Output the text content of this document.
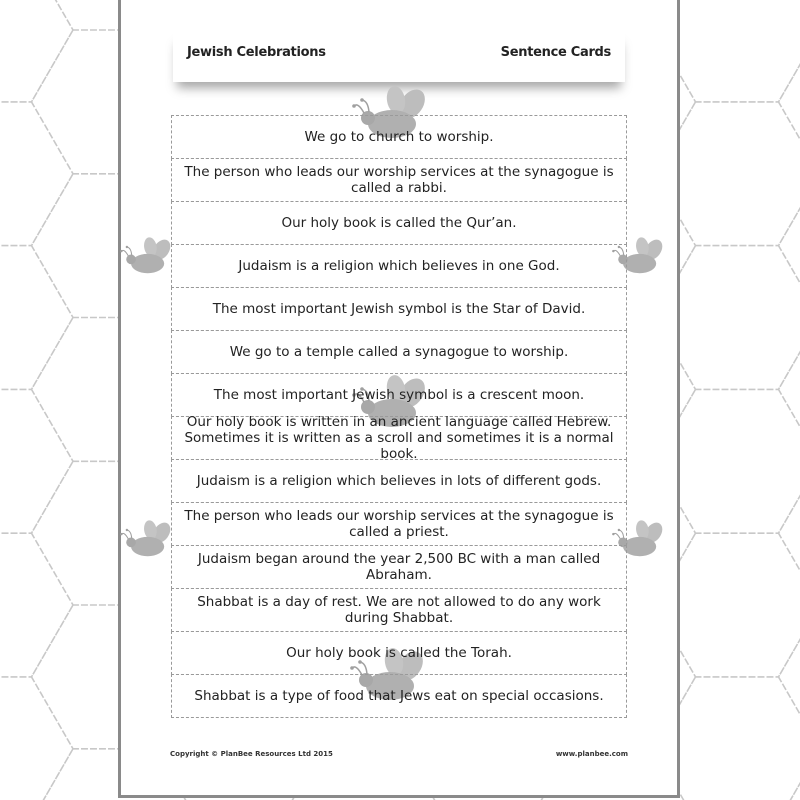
Jewish Celebrations	Sentence Cards
We go to church to worship.
The person who leads our worship services at the synagogue is called a rabbi.
Our holy book is called the Qur’an.
Judaism is a religion which believes in one God.
The most important Jewish symbol is the Star of David.
We go to a temple called a synagogue to worship.
The most important Jewish symbol is a crescent moon.
Our holy book is written in an ancient language called Hebrew. Sometimes it is written as a scroll and sometimes it is a normal book.
Judaism is a religion which believes in lots of different gods.
The person who leads our worship services at the synagogue is called a priest.
Judaism began around the year 2,500 BC with a man called Abraham.
Shabbat is a day of rest. We are not allowed to do any work during Shabbat.
Our holy book is called the Torah.
Shabbat is a type of food that Jews eat on special occasions.
Copyright © PlanBee Resources Ltd 2015	www.planbee.com
